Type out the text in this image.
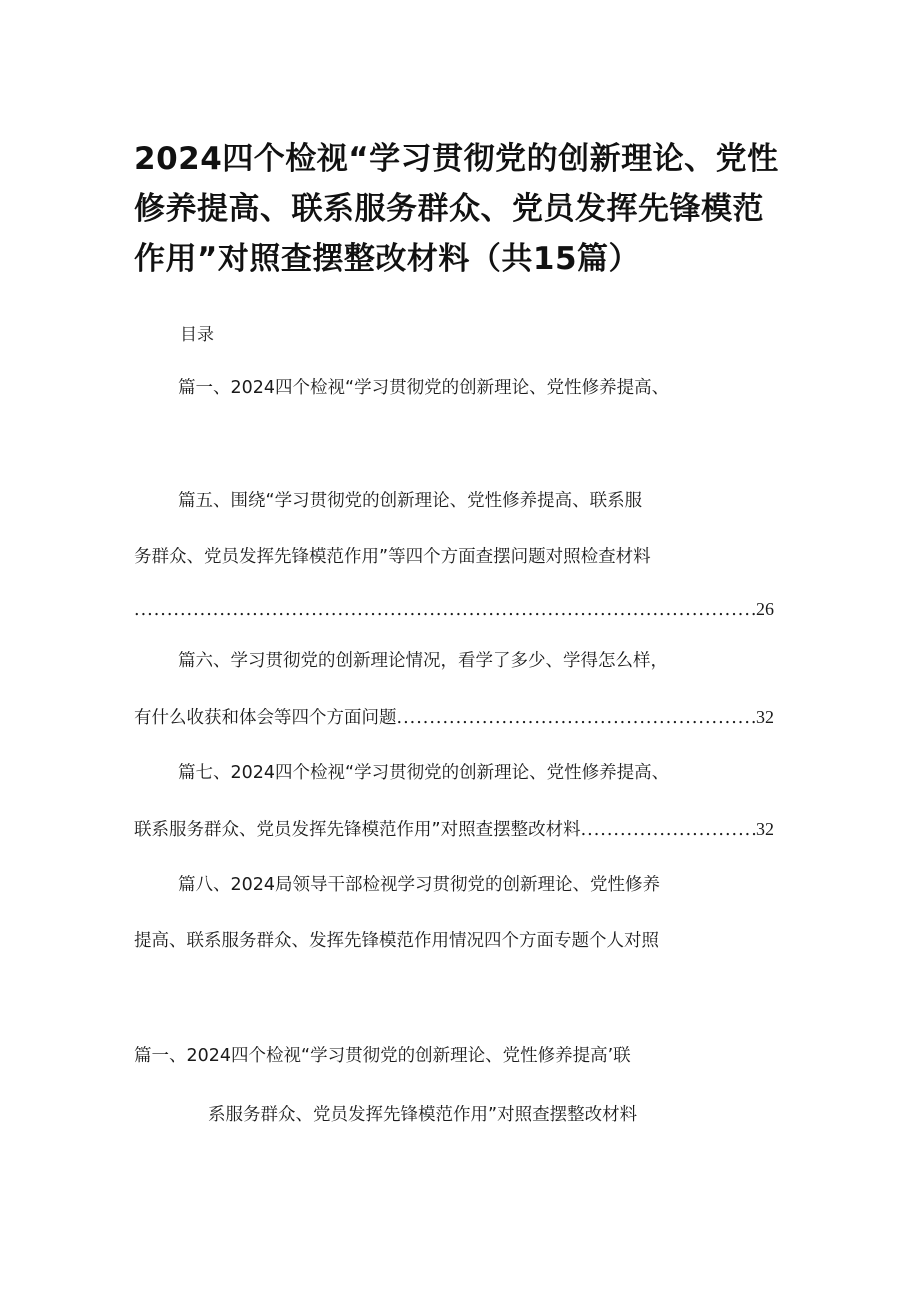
2024四个检视“学习贯彻党的创新理论、党性
修养提高、联系服务群众、党员发挥先锋模范
作用”对照查摆整改材料（共15篇）
目录
篇一、2024四个检视“学习贯彻党的创新理论、党性修养提高、
篇五、围绕“学习贯彻党的创新理论、党性修养提高、联系服
务群众、党员发挥先锋模范作用”等四个方面查摆问题对照检查材料
.....
26
篇六、学习贯彻党的创新理论情况，看学了多少、学得怎么样，
有什么收获和体会等四个方面问题 .....	32
篇七、2024四个检视“学习贯彻党的创新理论、党性修养提高、
联系服务群众、党员发挥先锋模范作用”对照查摆整改材料 .....	32
篇八、2024局领导干部检视学习贯彻党的创新理论、党性修养
提高、联系服务群众、发挥先锋模范作用情况四个方面专题个人对照
篇一、2024四个检视“学习贯彻党的创新理论、党性修养提高’联
系服务群众、党员发挥先锋模范作用”对照查摆整改材料
